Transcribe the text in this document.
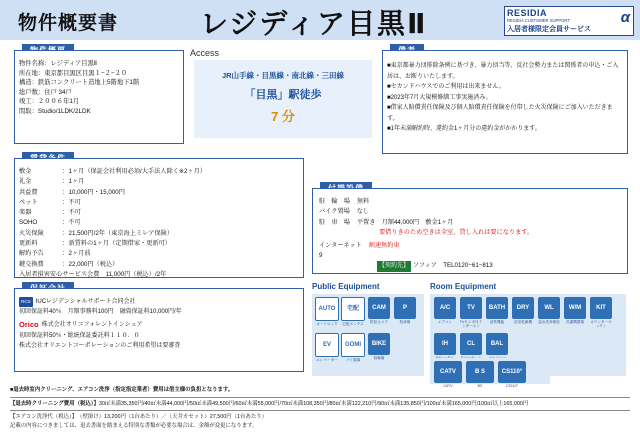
物件概要書	レジディア目黒Ⅱ	RESIDIA
RESIDIA CUSTOMER SUPPORT
入居者様限定会員サービス
α
物件名称：レジディア目黒Ⅱ
所在地：東京都目黒区目黒１−２−２０
構造：鉄筋コンクリート造地上5階地下1階
総戸数：住戸 34戸
竣工：２００６年1月
間取：Studio/1LDK/2LDK
Access
JR山手線・目黒線・南北線・三田線
「目黒」駅徒歩
7 分
■東京都暴力団排除条例に基づき、暴力団当等、反社会勢力または関係者の申込・ご入居は、お断りいたします。
■セカンドハウスでのご利用は出来ません。
■2023年7月大規模修繕工事実施済み。
■借家人賠償責任保険及び個人賠償責任保険を付帯した火災保険にご加入いただきます。
■1年未満解約時、違約金1ヶ月分の違約金がかかります。
敷金　　　　　：1ヶ月（保証会社利用必須/大手法人除く※2ヶ月）
礼金　　　　　：1ヶ月
共益費　　　　：10,000円・15,000円
ペット　　　　：不可
楽器　　　　　：不可
SOHO　　　　：不可
火災保険　　　：21,500円/2年（東京海上ミレア保険）
更新料　　　　：新賃料の1ヶ月（定期借家・更新可）
解約予告　　　：2ヶ月前
鍵交換費　　　：22,000円（税込）
入居者損害安心サービス会費　11,000円（税込）/2年
RCS IUCレジデンシャルサポート合同会社
初回保証料40％　月額事務料100円　融資保証料10,000円/年
Orico 株式会社オリコフォレントインシュア
初回保証料50％・総統保証委託料１１０．０
株式会社オリエントコーポレーションのご利用希望は要審査
駐　輪　場 無料
バイク置場 なし
駐　車　場 平置き　月額44,000円　敷金1ヶ月
要借りきのため空きは全室、貸し入れは要になります。
インターネット 割速無約束
9
【契約先】 ソフィア　TEL0120−61−813
Public Equipment
AUTO
オートロック
宅配
宅配ボックス
CAM
防犯カメラ
P
駐車場
EV
エレベーター
GOMI
ゴミ置場
BIKE
駐輪場
Room Equipment
A/C
エアコン
TV
TVモニタ付インターホン
BATH
追焚機能
DRY
浴室乾燥機
WL
温水洗浄便座
W/M
洗濯機置場
KIT
カウンターキッチン
IH	CL	BAL
CATV
CATV
B S
BS
CS110°
CS110°
■退去時室内クリーニング、エアコン洗浄（指定指定業者）費用は借主様の負担となります。
【退去時クリーニング費用（税込）】30㎡未満35,350円/40㎡未満44,000円/50㎡未満49,500円/60㎡未満55,000円/70㎡未満108,350円/80㎡未満122,210円/90㎡未満135,850円/100㎡未満165,000円/100㎡以上165,000円
【エアコン洗浄代（税込）】　（壁掛け）13,200円（1台あたり）／（天井カセット）27,500円（1台あたり）
記載の内容につきましては、退去書面を踏まえる特別な書類が必要な場合は、金額が変更になります。
